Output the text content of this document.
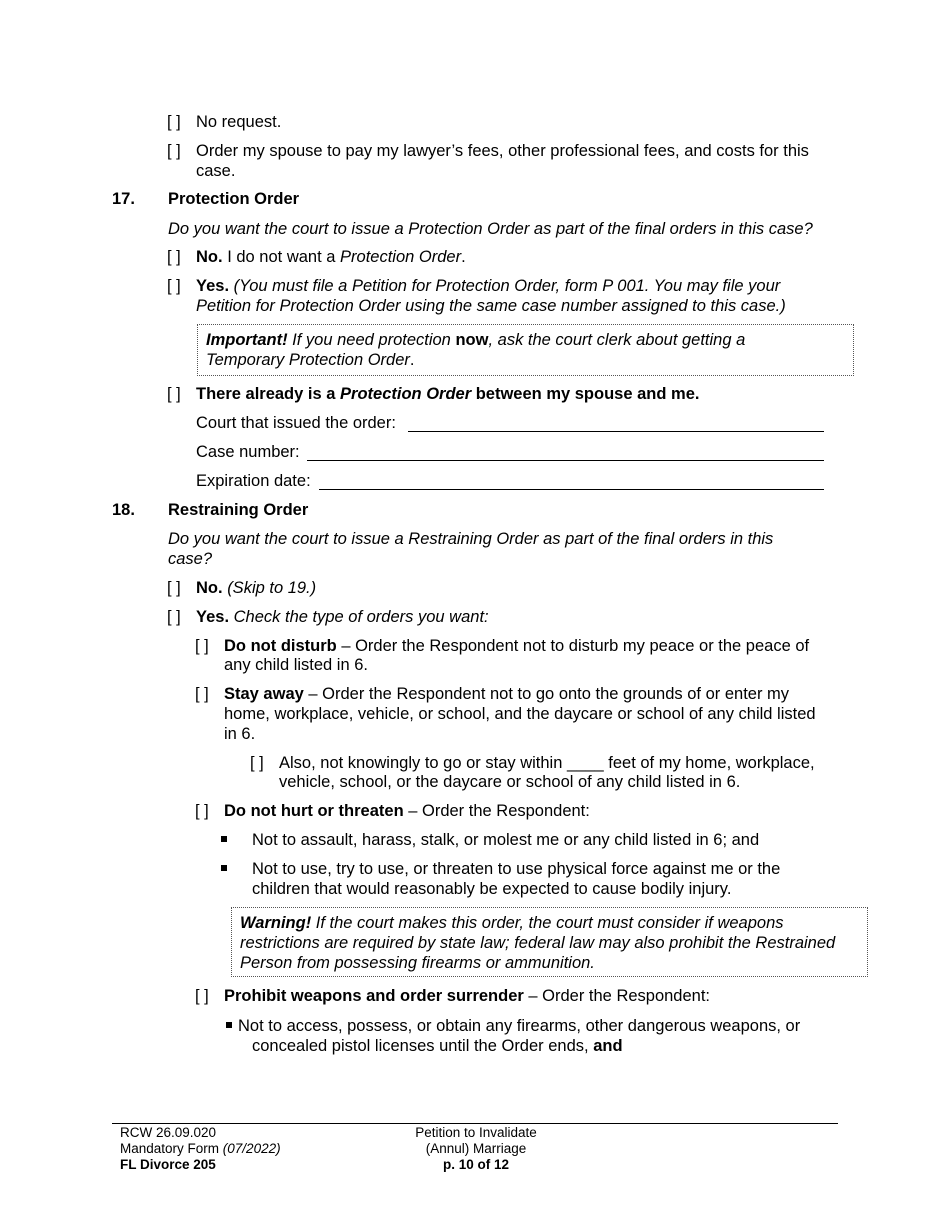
[ ] No request.
[ ] Order my spouse to pay my lawyer’s fees, other professional fees, and costs for this
case.
17. Protection Order
Do you want the court to issue a Protection Order as part of the final orders in this case?
[ ] No. I do not want a Protection Order.
[ ] Yes. (You must file a Petition for Protection Order, form P 001. You may file your
Petition for Protection Order using the same case number assigned to this case.)
Important! If you need protection now, ask the court clerk about getting a
Temporary Protection Order.
[ ] There already is a Protection Order between my spouse and me.
Court that issued the order:
Case number:
Expiration date:
18. Restraining Order
Do you want the court to issue a Restraining Order as part of the final orders in this
case?
[ ] No. (Skip to 19.)
[ ] Yes. Check the type of orders you want:
[ ] Do not disturb – Order the Respondent not to disturb my peace or the peace of
any child listed in 6.
[ ] Stay away – Order the Respondent not to go onto the grounds of or enter my
home, workplace, vehicle, or school, and the daycare or school of any child listed
in 6.
[ ] Also, not knowingly to go or stay within ____ feet of my home, workplace,
vehicle, school, or the daycare or school of any child listed in 6.
[ ] Do not hurt or threaten – Order the Respondent:
Not to assault, harass, stalk, or molest me or any child listed in 6; and
Not to use, try to use, or threaten to use physical force against me or the
children that would reasonably be expected to cause bodily injury.
Warning! If the court makes this order, the court must consider if weapons
restrictions are required by state law; federal law may also prohibit the Restrained
Person from possessing firearms or ammunition.
[ ] Prohibit weapons and order surrender – Order the Respondent:
Not to access, possess, or obtain any firearms, other dangerous weapons, or
concealed pistol licenses until the Order ends, and
RCW 26.09.020
Mandatory Form (07/2022)
FL Divorce 205
Petition to Invalidate
(Annul) Marriage
p. 10 of 12
